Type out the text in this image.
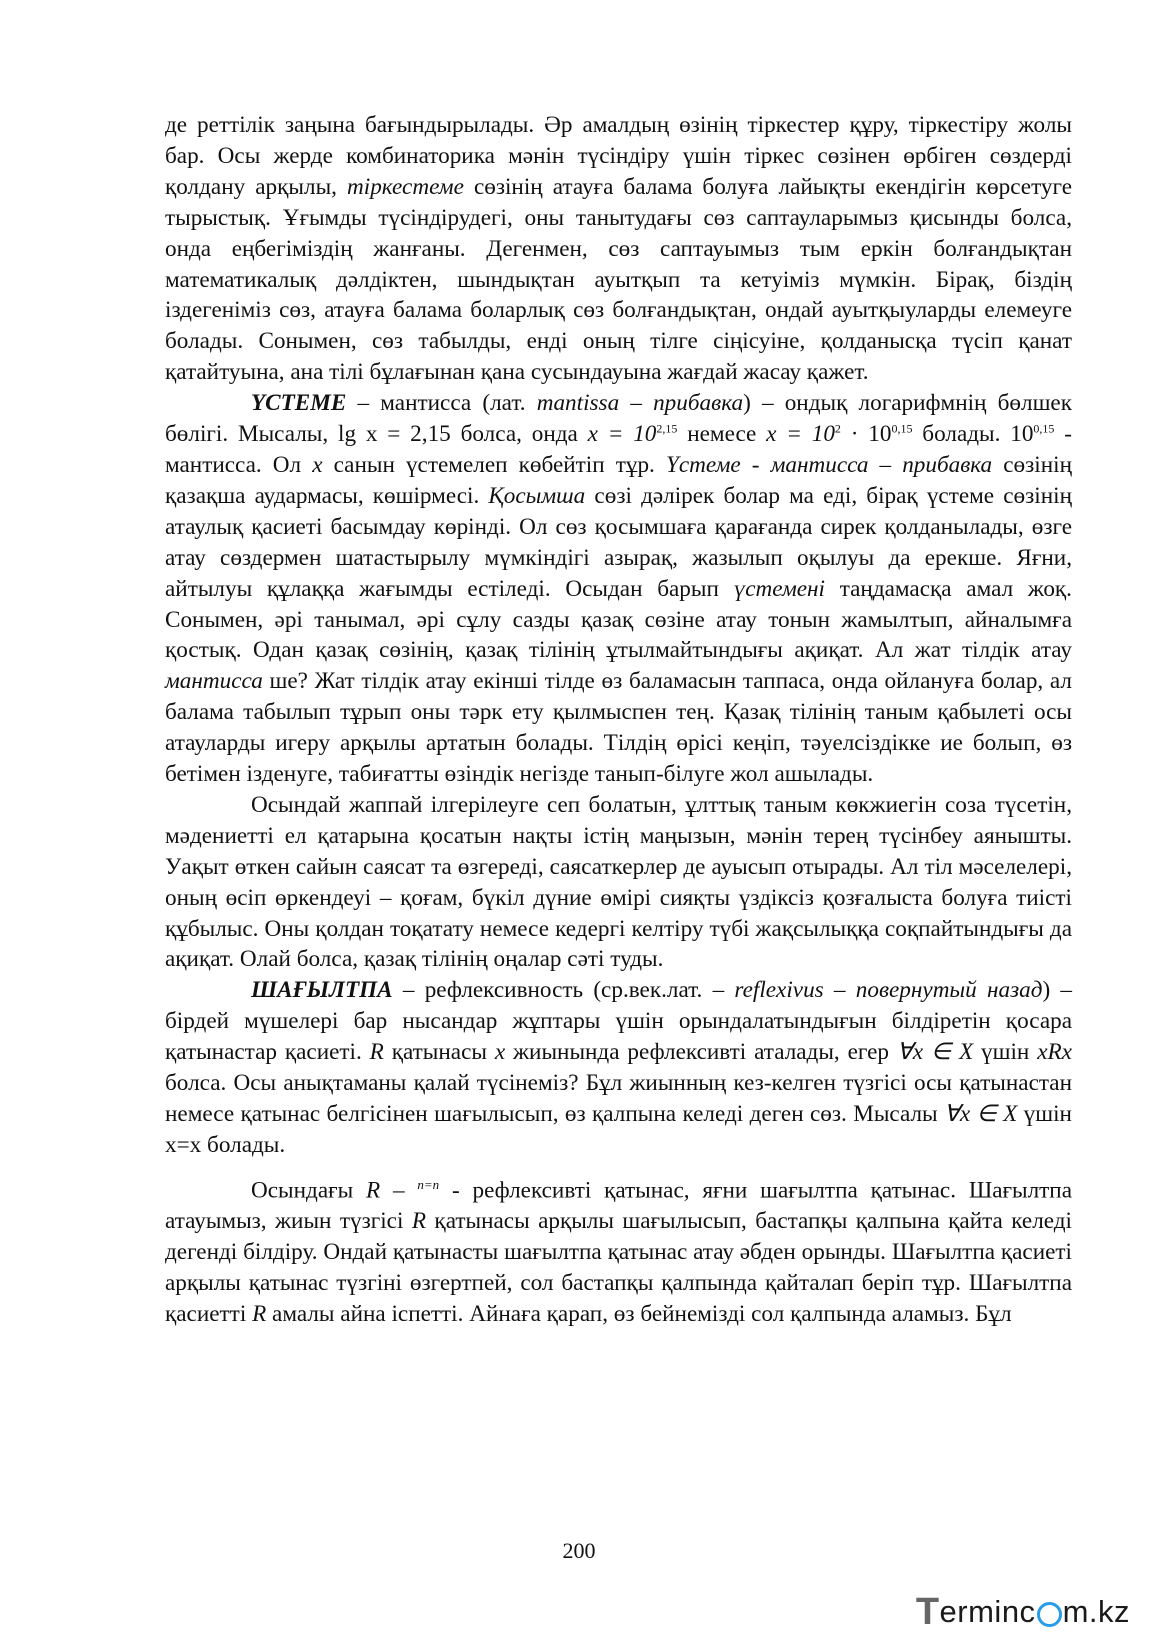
де реттілік заңына бағындырылады. Әр амалдың өзінің тіркестер құру, тіркестіру жолы бар. Осы жерде комбинаторика мәнін түсіндіру үшін тіркес сөзінен өрбіген сөздерді қолдану арқылы, тіркестеме сөзінің атауға балама болуға лайықты екендігін көрсетуге тырыстық. Ұғымды түсіндірудегі, оны танытудағы сөз саптауларымыз қисынды болса, онда еңбегіміздің жанғаны. Дегенмен, сөз саптауымыз тым еркін болғандықтан математикалық дәлдіктен, шындықтан ауытқып та кетуіміз мүмкін. Бірақ, біздің іздегеніміз сөз, атауға балама боларлық сөз болғандықтан, ондай ауытқыуларды елемеуге болады. Сонымен, сөз табылды, енді оның тілге сіңісуіне, қолданысқа түсіп қанат қатайтуына, ана тілі бұлағынан қана сусындауына жағдай жасау қажет.

ҮСТЕМЕ – мантисса (лат. mantissa – прибавка) – ондық логарифмнің бөлшек бөлігі. Мысалы, lg x = 2,15 болса, онда $x = 10^{2,15}$ немесе $x = 10^2 \cdot 10^{0,15}$ болады. 10$^{0,15}$ - мантисса. Ол x санын үстемелеп көбейтіп тұр. Үстеме - мантисса – прибавка сөзінің қазақша аудармасы, көшірмесі. Қосымша сөзі дәлірек болар ма еді, бірақ үстеме сөзінің атаулық қасиеті басымдау көрінді. Ол сөз қосымшаға қарағанда сирек қолданылады, өзге атау сөздермен шатастырылу мүмкіндігі азырақ, жазылып оқылуы да ерекше. Яғни, айтылуы құлаққа жағымды естіледі. Осыдан барып үстемені таңдамасқа амал жоқ. Сонымен, әрі танымал, әрі сұлу сазды қазақ сөзіне атау тонын жамылтып, айналымға қостық. Одан қазақ сөзінің, қазақ тілінің ұтылмайтындығы ақиқат. Ал жат тілдік атау мантисса ше? Жат тілдік атау екінші тілде өз баламасын таппаса, онда ойлануға болар, ал балама табылып тұрып оны тәрк ету қылмыспен тең. Қазақ тілінің таным қабылеті осы атауларды игеру арқылы артатын болады. Тілдің өрісі кеңіп, тәуелсіздікке ие болып, өз бетімен ізденуге, табиғатты өзіндік негізде танып-білуге жол ашылады.

Осындай жаппай ілгерілеуге сеп болатын, ұлттық таным көкжиегін соза түсетін, мәдениетті ел қатарына қосатын нақты істің маңызын, мәнін терең түсінбеу аянышты. Уақыт өткен сайын саясат та өзгереді, саясаткерлер де ауысып отырады. Ал тіл мәселелері, оның өсіп өркендеуі – қоғам, бүкіл дүние өмірі сияқты үздіксіз қозғалыста болуға тиісті құбылыс. Оны қолдан тоқатату немесе кедергі келтіру түбі жақсылыққа соқпайтындығы да ақиқат. Олай болса, қазақ тілінің оңалар сәті туды.

ШАҒЫЛТПА – рефлексивность (ср.век.лат. – reflexivus – повернутый назад) – бірдей мүшелері бар нысандар жұптары үшін орындалатындығын білдіретін қосара қатынастар қасиеті. R қатынасы x жиынында рефлексивті аталады, егер ∀x ∈ X үшін xRx болса. Осы анықтаманы қалай түсінеміз? Бұл жиынның кез-келген түзгісі осы қатынастан немесе қатынас белгісінен шағылысып, өз қалпына келеді деген сөз. Мысалы ∀x ∈ X үшін x=x болады.

Осындағы R – $^{n=n}$ - рефлексивті қатынас, яғни шағылтпа қатынас. Шағылтпа атауымыз, жиын түзгісі R қатынасы арқылы шағылысып, бастапқы қалпына қайта келеді дегенді білдіру. Ондай қатынасты шағылтпа қатынас атау әбден орынды. Шағылтпа қасиеті арқылы қатынас түзгіні өзгертпей, сол бастапқы қалпында қайталап беріп тұр. Шағылтпа қасиетті R амалы айна іспетті. Айнаға қарап, өз бейнемізді сол қалпында аламыз. Бұл

200
T erminc m.kz
